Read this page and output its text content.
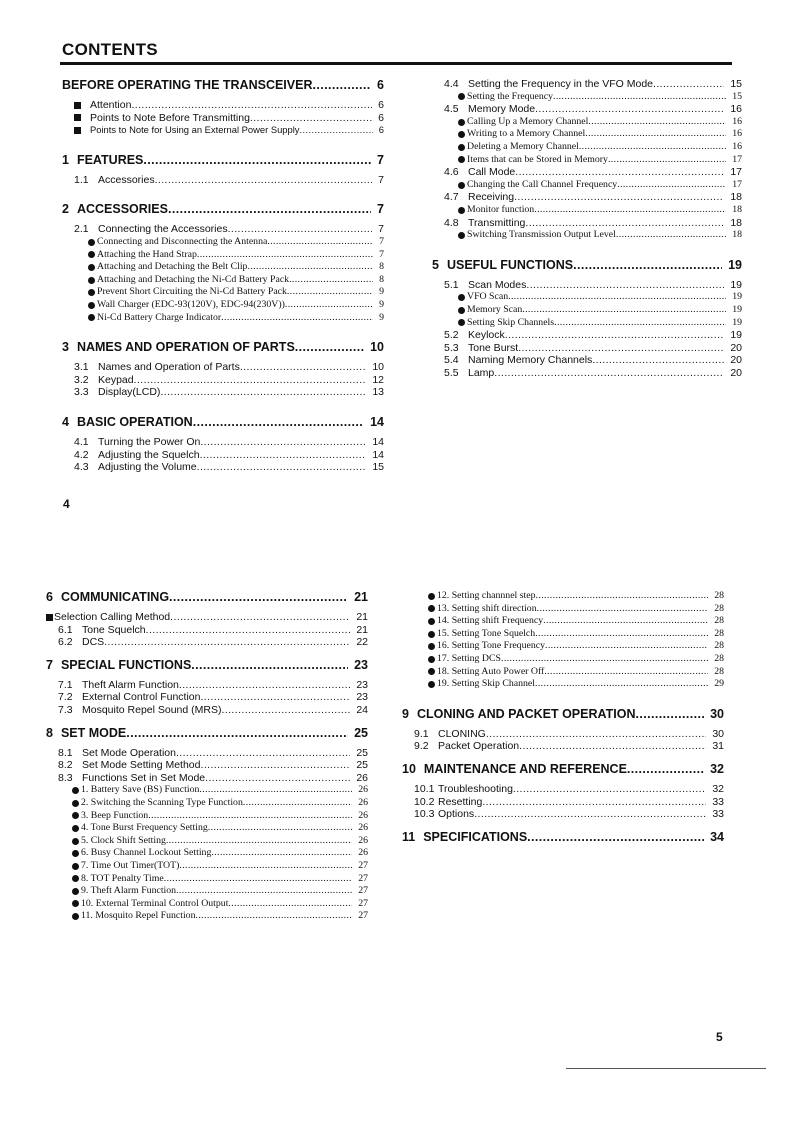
CONTENTS
BEFORE OPERATING THE TRANSCEIVER .....	6
Attention .....	6
Points to Note Before Transmitting .....	6
Points to Note for Using an External Power Supply .....	6
1 FEATURES .....	7
1.1 Accessories .....	7
2 ACCESSORIES .....	7
2.1 Connecting the Accessories .....	7
Connecting and Disconnecting the Antenna .....	7
Attaching the Hand Strap .....	7
Attaching and Detaching the Belt Clip .....	8
Attaching and Detaching the Ni-Cd Battery Pack .....	8
Prevent Short Circuiting the Ni-Cd Battery Pack .....	9
Wall Charger (EDC-93(120V), EDC-94(230V)) .....	9
Ni-Cd Battery Charge Indicator .....	9
3 NAMES AND OPERATION OF PARTS .....	10
3.1 Names and Operation of Parts .....	10
3.2 Keypad .....	12
3.3 Display(LCD) .....	13
4 BASIC OPERATION .....	14
4.1 Turning the Power On .....	14
4.2 Adjusting the Squelch .....	14
4.3 Adjusting the Volume .....	15
4.4 Setting the Frequency in the VFO Mode .....	15
Setting the Frequency .....	15
4.5 Memory Mode .....	16
Calling Up a Memory Channel .....	16
Writing to a Memory Channel .....	16
Deleting a Memory Channel .....	16
Items that can be Stored in Memory .....	17
4.6 Call Mode .....	17
Changing the Call Channel Frequency .....	17
4.7 Receiving .....	18
Monitor function .....	18
4.8 Transmitting .....	18
Switching Transmission Output Level .....	18
5 USEFUL FUNCTIONS .....	19
5.1 Scan Modes .....	19
VFO Scan .....	19
Memory Scan .....	19
Setting Skip Channels .....	19
5.2 Keylock .....	19
5.3 Tone Burst .....	20
5.4 Naming Memory Channels .....	20
5.5 Lamp .....	20
4
6 COMMUNICATING .....	21
Selection Calling Method .....	21
6.1 Tone Squelch .....	21
6.2 DCS .....	22
7 SPECIAL FUNCTIONS .....	23
7.1 Theft Alarm Function .....	23
7.2 External Control Function .....	23
7.3 Mosquito Repel Sound (MRS) .....	24
8 SET MODE .....	25
8.1 Set Mode Operation .....	25
8.2 Set Mode Setting Method .....	25
8.3 Functions Set in Set Mode .....	26
1. Battery Save (BS) Function .....	26
2. Switching the Scanning Type Function .....	26
3. Beep Function .....	26
4. Tone Burst Frequency Setting .....	26
5. Clock Shift Setting .....	26
6. Busy Channel Lockout Setting .....	26
7. Time Out Timer(TOT) .....	27
8. TOT Penalty Time .....	27
9. Theft Alarm Function .....	27
10. External Terminal Control Output .....	27
11. Mosquito Repel Function .....	27
12. Setting channnel step .....	28
13. Setting shift direction .....	28
14. Setting shift Frequency .....	28
15. Setting Tone Squelch .....	28
16. Setting Tone Frequency .....	28
17. Setting DCS .....	28
18. Setting Auto Power Off .....	28
19. Setting Skip Channel .....	29
9 CLONING AND PACKET OPERATION .....	30
9.1 CLONING .....	30
9.2 Packet Operation .....	31
10 MAINTENANCE AND REFERENCE .....	32
10.1 Troubleshooting .....	32
10.2 Resetting .....	33
10.3 Options .....	33
11 SPECIFICATIONS .....	34
5
